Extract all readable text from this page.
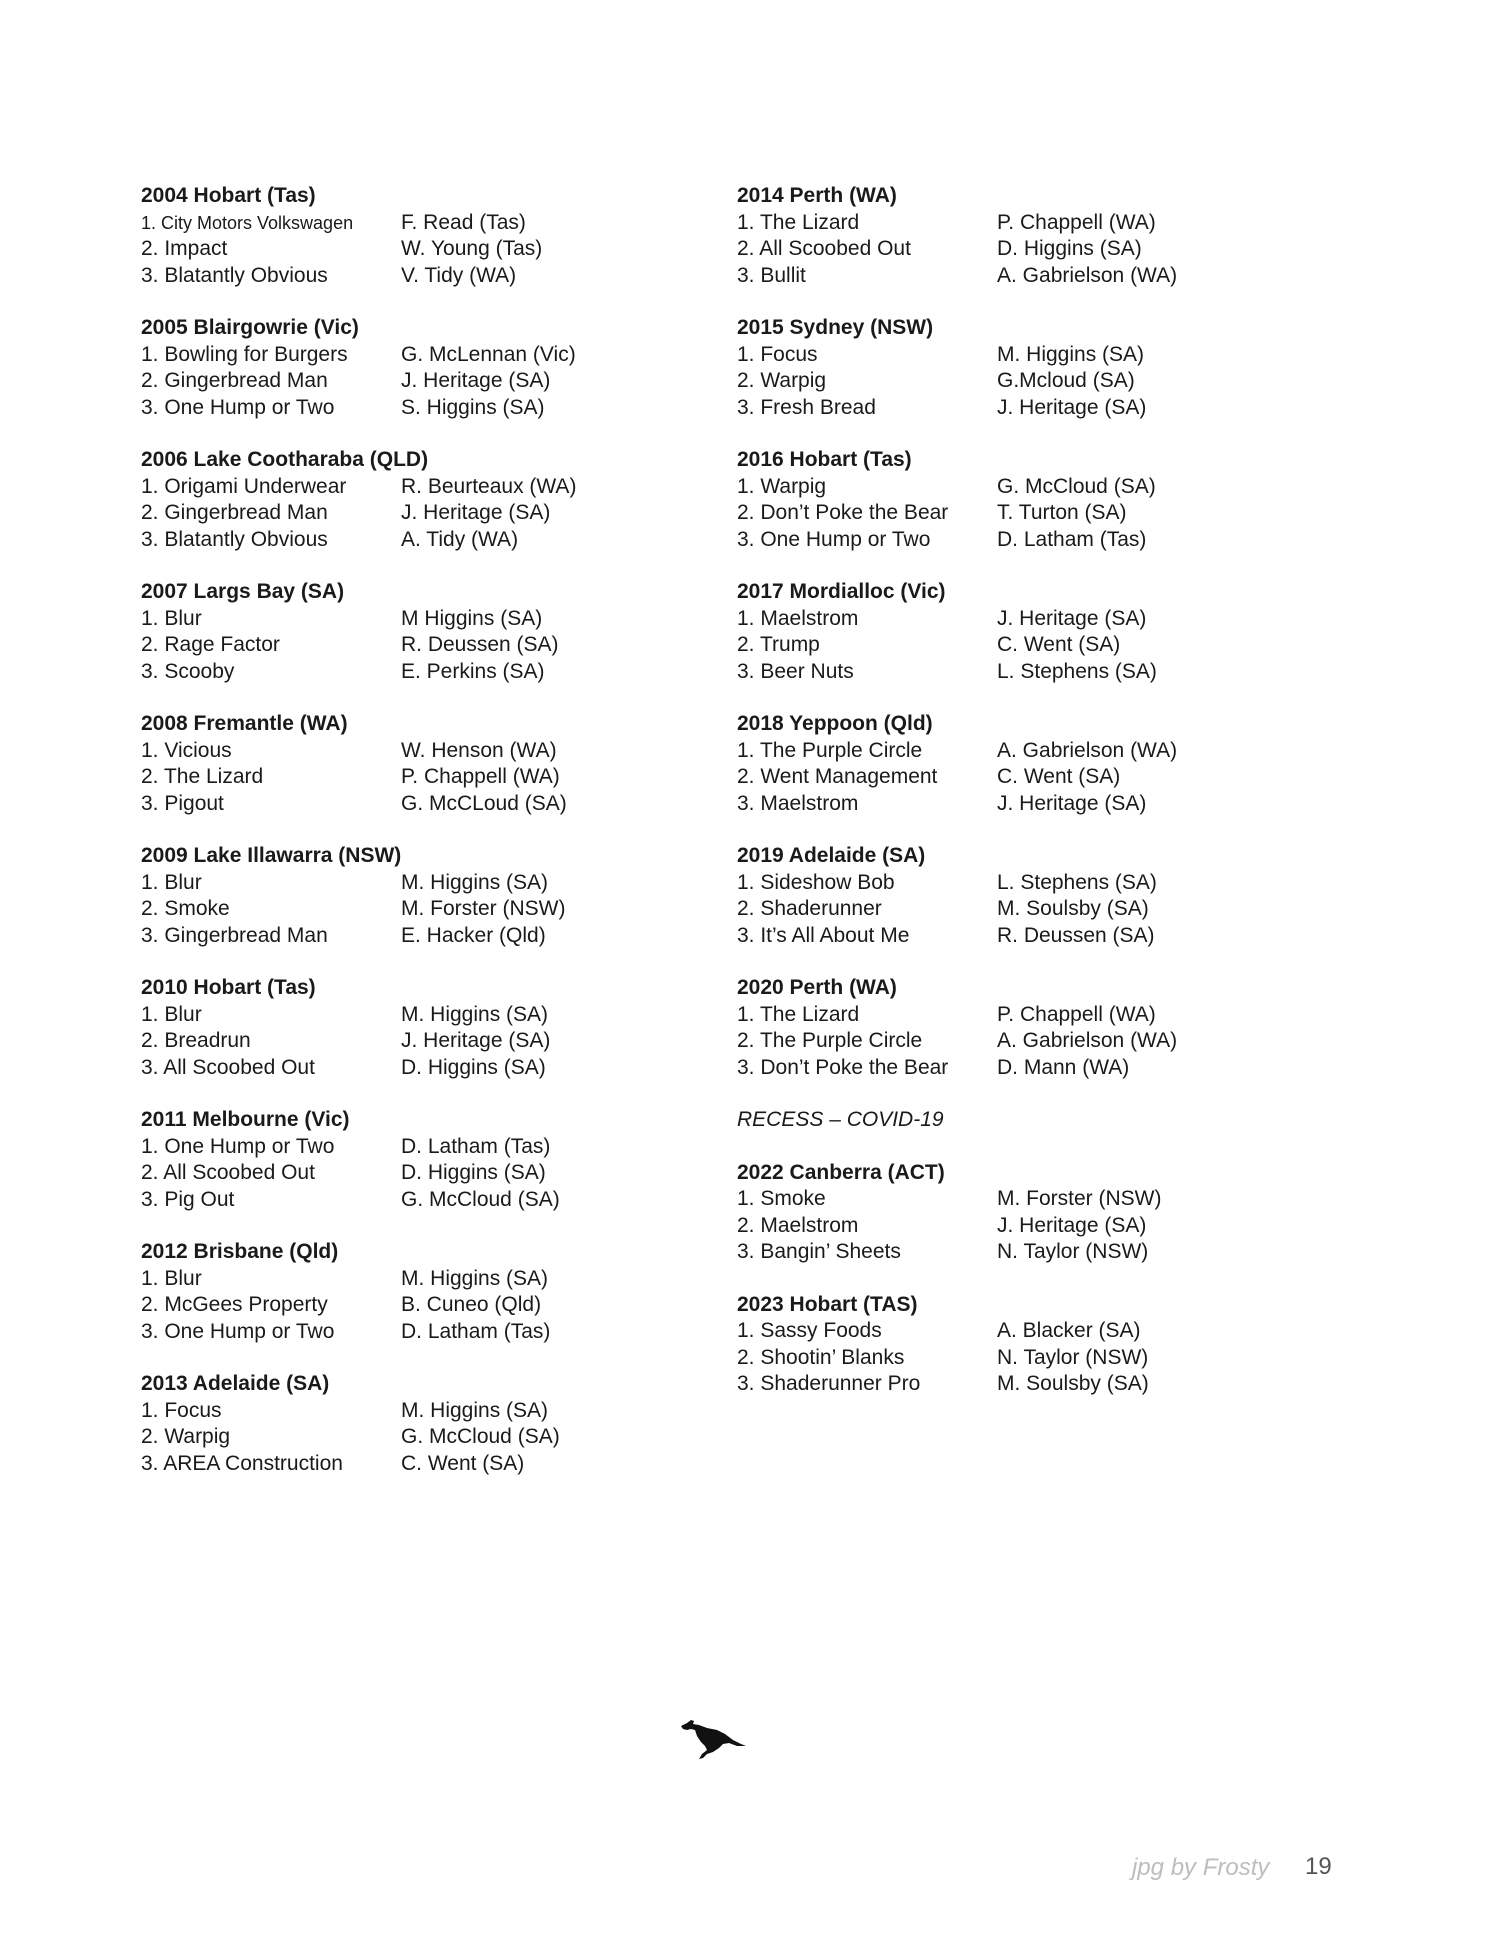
2004 Hobart (Tas)
1. City Motors Volkswagen	F. Read (Tas)
2. Impact	W. Young (Tas)
3. Blatantly Obvious	V. Tidy (WA)
2005 Blairgowrie (Vic)
1. Bowling for Burgers	G. McLennan (Vic)
2. Gingerbread Man	J. Heritage (SA)
3. One Hump or Two	S. Higgins (SA)
2006 Lake Cootharaba (QLD)
1. Origami Underwear	R. Beurteaux (WA)
2. Gingerbread Man	J. Heritage (SA)
3. Blatantly Obvious	A. Tidy (WA)
2007 Largs Bay (SA)
1. Blur	M Higgins (SA)
2. Rage Factor	R. Deussen (SA)
3. Scooby	E. Perkins (SA)
2008 Fremantle (WA)
1. Vicious	W. Henson (WA)
2. The Lizard	P. Chappell (WA)
3. Pigout	G. McCLoud (SA)
2009 Lake Illawarra (NSW)
1. Blur	M. Higgins (SA)
2. Smoke	M. Forster (NSW)
3. Gingerbread Man	E. Hacker (Qld)
2010 Hobart (Tas)
1. Blur	M. Higgins (SA)
2. Breadrun	J. Heritage (SA)
3. All Scoobed Out	D. Higgins (SA)
2011 Melbourne (Vic)
1. One Hump or Two	D. Latham (Tas)
2. All Scoobed Out	D. Higgins (SA)
3. Pig Out	G. McCloud (SA)
2012 Brisbane (Qld)
1. Blur	M. Higgins (SA)
2. McGees Property	B. Cuneo (Qld)
3. One Hump or Two	D. Latham (Tas)
2013 Adelaide (SA)
1. Focus	M. Higgins (SA)
2. Warpig	G. McCloud (SA)
3. AREA Construction	C. Went (SA)
2014 Perth (WA)
1. The Lizard	P. Chappell (WA)
2. All Scoobed Out	D. Higgins (SA)
3. Bullit	A. Gabrielson (WA)
2015 Sydney (NSW)
1. Focus	M. Higgins (SA)
2. Warpig	G.Mcloud (SA)
3. Fresh Bread	J. Heritage (SA)
2016 Hobart (Tas)
1. Warpig	G. McCloud (SA)
2. Don’t Poke the Bear	T. Turton (SA)
3. One Hump or Two	D. Latham (Tas)
2017 Mordialloc (Vic)
1. Maelstrom	J. Heritage (SA)
2. Trump	C. Went (SA)
3. Beer Nuts	L. Stephens (SA)
2018 Yeppoon (Qld)
1. The Purple Circle	A. Gabrielson (WA)
2. Went Management	C. Went (SA)
3. Maelstrom	J. Heritage (SA)
2019 Adelaide (SA)
1. Sideshow Bob	L. Stephens (SA)
2. Shaderunner	M. Soulsby (SA)
3. It’s All About Me	R. Deussen (SA)
2020 Perth (WA)
1. The Lizard	P. Chappell (WA)
2. The Purple Circle	A. Gabrielson (WA)
3. Don’t Poke the Bear	D. Mann (WA)
RECESS – COVID-19
2022 Canberra (ACT)
1. Smoke	M. Forster (NSW)
2. Maelstrom	J. Heritage (SA)
3. Bangin’ Sheets	N. Taylor (NSW)
2023 Hobart (TAS)
1. Sassy Foods	A. Blacker (SA)
2. Shootin’ Blanks	N. Taylor (NSW)
3. Shaderunner Pro	M. Soulsby (SA)
jpg by Frosty 19
